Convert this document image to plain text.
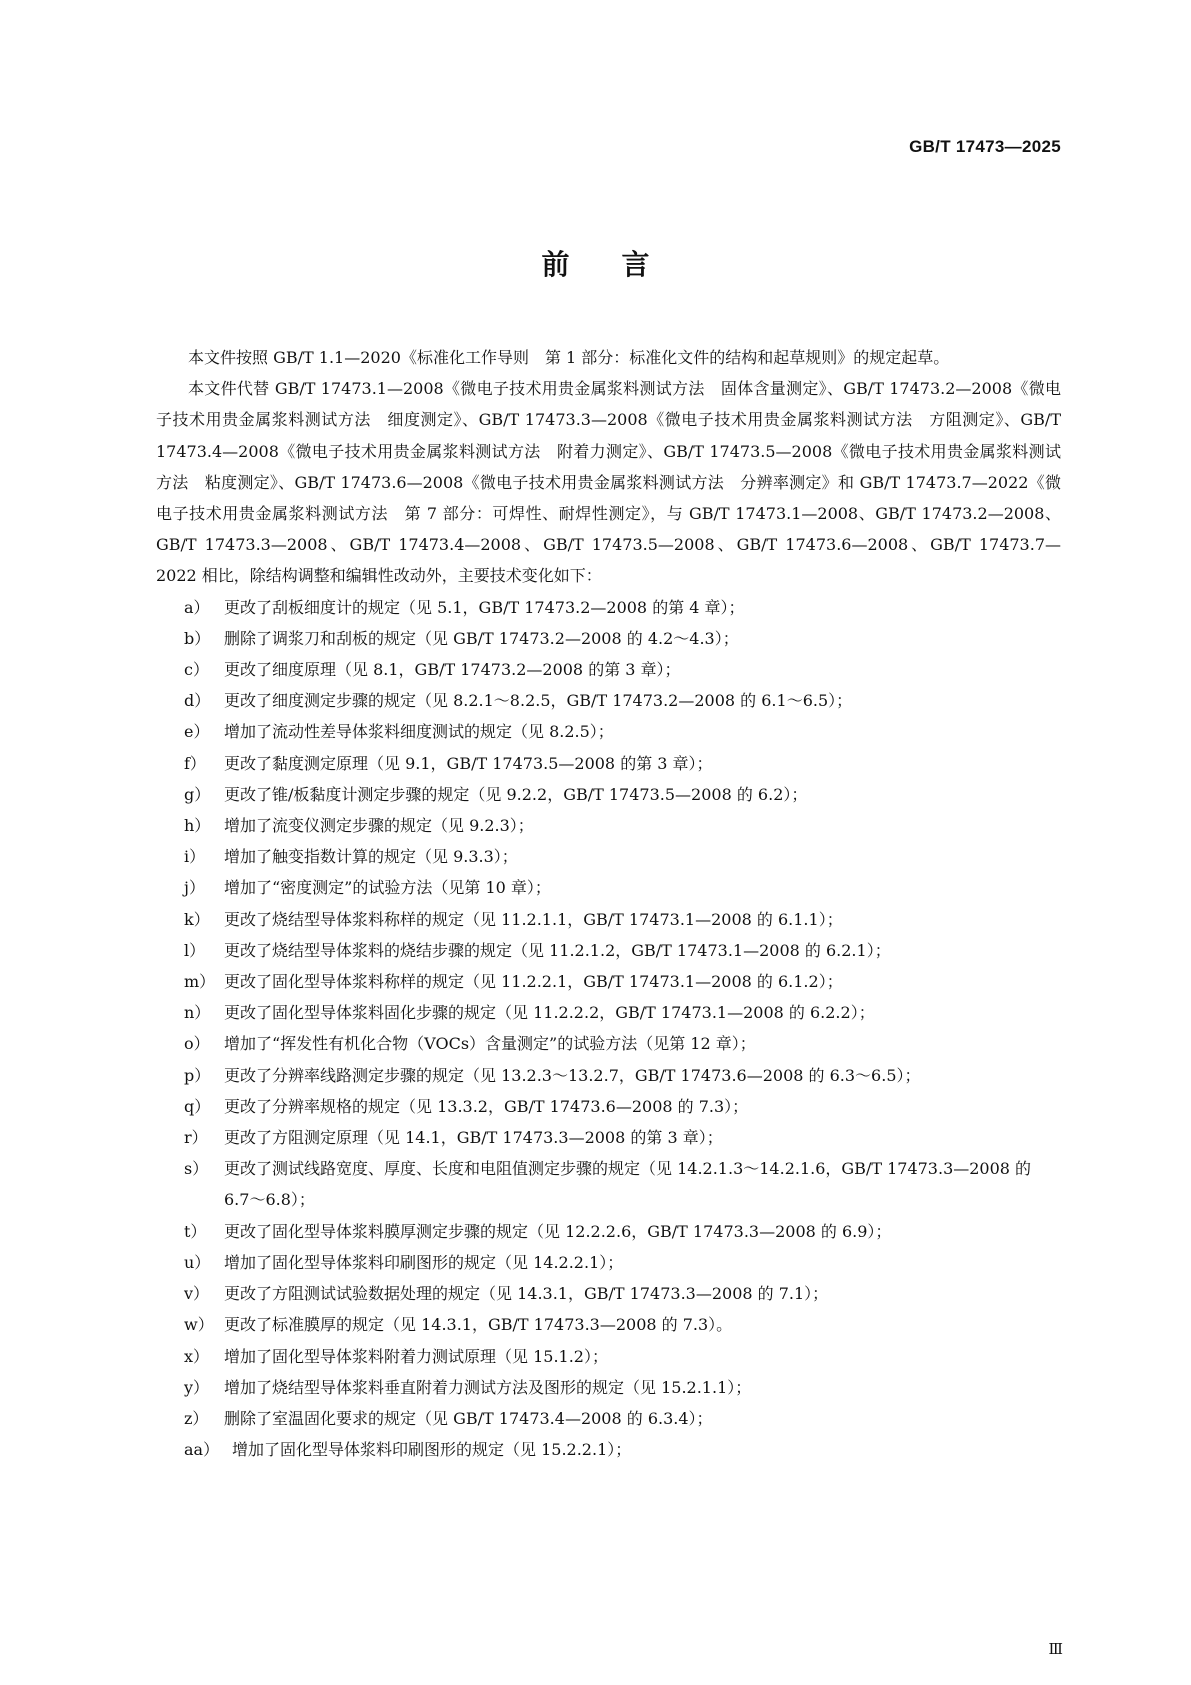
GB/T 17473—2025
前言

本文件按照 GB/T 1.1—2020《标准化工作导则　第 1 部分：标准化文件的结构和起草规则》的规定起草。

本文件代替 GB/T 17473.1—2008《微电子技术用贵金属浆料测试方法　固体含量测定》、GB/T 17473.2—2008《微电子技术用贵金属浆料测试方法　细度测定》、GB/T 17473.3—2008《微电子技术用贵金属浆料测试方法　方阻测定》、GB/T 17473.4—2008《微电子技术用贵金属浆料测试方法　附着力测定》、GB/T 17473.5—2008《微电子技术用贵金属浆料测试方法　粘度测定》、GB/T 17473.6—2008《微电子技术用贵金属浆料测试方法　分辨率测定》和 GB/T 17473.7—2022《微电子技术用贵金属浆料测试方法　第 7 部分：可焊性、耐焊性测定》，与 GB/T 17473.1—2008、GB/T 17473.2—2008、GB/T 17473.3—2008、GB/T 17473.4—2008、GB/T 17473.5—2008、GB/T 17473.6—2008、GB/T 17473.7—2022 相比，除结构调整和编辑性改动外，主要技术变化如下：

a） 更改了刮板细度计的规定（见 5.1，GB/T 17473.2—2008 的第 4 章）；
b） 删除了调浆刀和刮板的规定（见 GB/T 17473.2—2008 的 4.2～4.3）；
c） 更改了细度原理（见 8.1，GB/T 17473.2—2008 的第 3 章）；
d） 更改了细度测定步骤的规定（见 8.2.1～8.2.5，GB/T 17473.2—2008 的 6.1～6.5）；
e） 增加了流动性差导体浆料细度测试的规定（见 8.2.5）；
f）	更改了黏度测定原理（见 9.1，GB/T 17473.5—2008 的第 3 章）；
g） 更改了锥/板黏度计测定步骤的规定（见 9.2.2，GB/T 17473.5—2008 的 6.2）；
h） 增加了流变仪测定步骤的规定（见 9.2.3）；
i）	增加了触变指数计算的规定（见 9.3.3）；
j）	增加了“密度测定”的试验方法（见第 10 章）；
k） 更改了烧结型导体浆料称样的规定（见 11.2.1.1，GB/T 17473.1—2008 的 6.1.1）；
l）	更改了烧结型导体浆料的烧结步骤的规定（见 11.2.1.2，GB/T 17473.1—2008 的 6.2.1）；
m） 更改了固化型导体浆料称样的规定（见 11.2.2.1，GB/T 17473.1—2008 的 6.1.2）；
n） 更改了固化型导体浆料固化步骤的规定（见 11.2.2.2，GB/T 17473.1—2008 的 6.2.2）；
o） 增加了“挥发性有机化合物（VOCs）含量测定”的试验方法（见第 12 章）；
p） 更改了分辨率线路测定步骤的规定（见 13.2.3～13.2.7，GB/T 17473.6—2008 的 6.3～6.5）；
q） 更改了分辨率规格的规定（见 13.3.2，GB/T 17473.6—2008 的 7.3）；
r）	更改了方阻测定原理（见 14.1，GB/T 17473.3—2008 的第 3 章）；
s） 更改了测试线路宽度、厚度、长度和电阻值测定步骤的规定（见 14.2.1.3～14.2.1.6，GB/T 17473.3—2008 的 6.7～6.8）；
t）	更改了固化型导体浆料膜厚测定步骤的规定（见 12.2.2.6，GB/T 17473.3—2008 的 6.9）；
u） 增加了固化型导体浆料印刷图形的规定（见 14.2.2.1）；
v） 更改了方阻测试试验数据处理的规定（见 14.3.1，GB/T 17473.3—2008 的 7.1）；
w） 更改了标准膜厚的规定（见 14.3.1，GB/T 17473.3—2008 的 7.3）。
x） 增加了固化型导体浆料附着力测试原理（见 15.1.2）；
y） 增加了烧结型导体浆料垂直附着力测试方法及图形的规定（见 15.2.1.1）；
z） 删除了室温固化要求的规定（见 GB/T 17473.4—2008 的 6.3.4）；
aa） 增加了固化型导体浆料印刷图形的规定（见 15.2.2.1）；
Ⅲ
